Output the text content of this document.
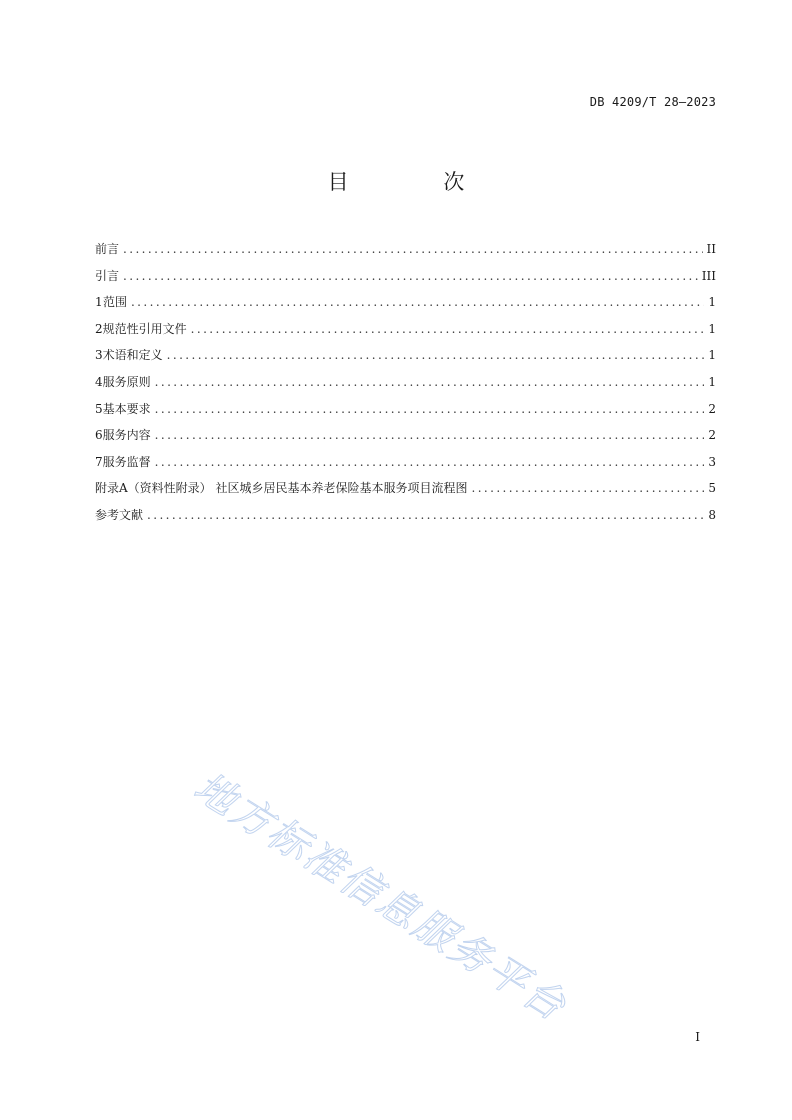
DB 4209/T 28—2023
目 次
前言 .....	II
引言 .....	III
1 范围 .....	1
2 规范性引用文件 .....	1
3 术语和定义 .....	1
4 服务原则 .....	1
5 基本要求 .....	2
6 服务内容 .....	2
7 服务监督 .....	3
附录A（资料性附录） 社区城乡居民基本养老保险基本服务项目流程图 .....	5
参考文献 .....	8
地方标准信息服务平台
I
